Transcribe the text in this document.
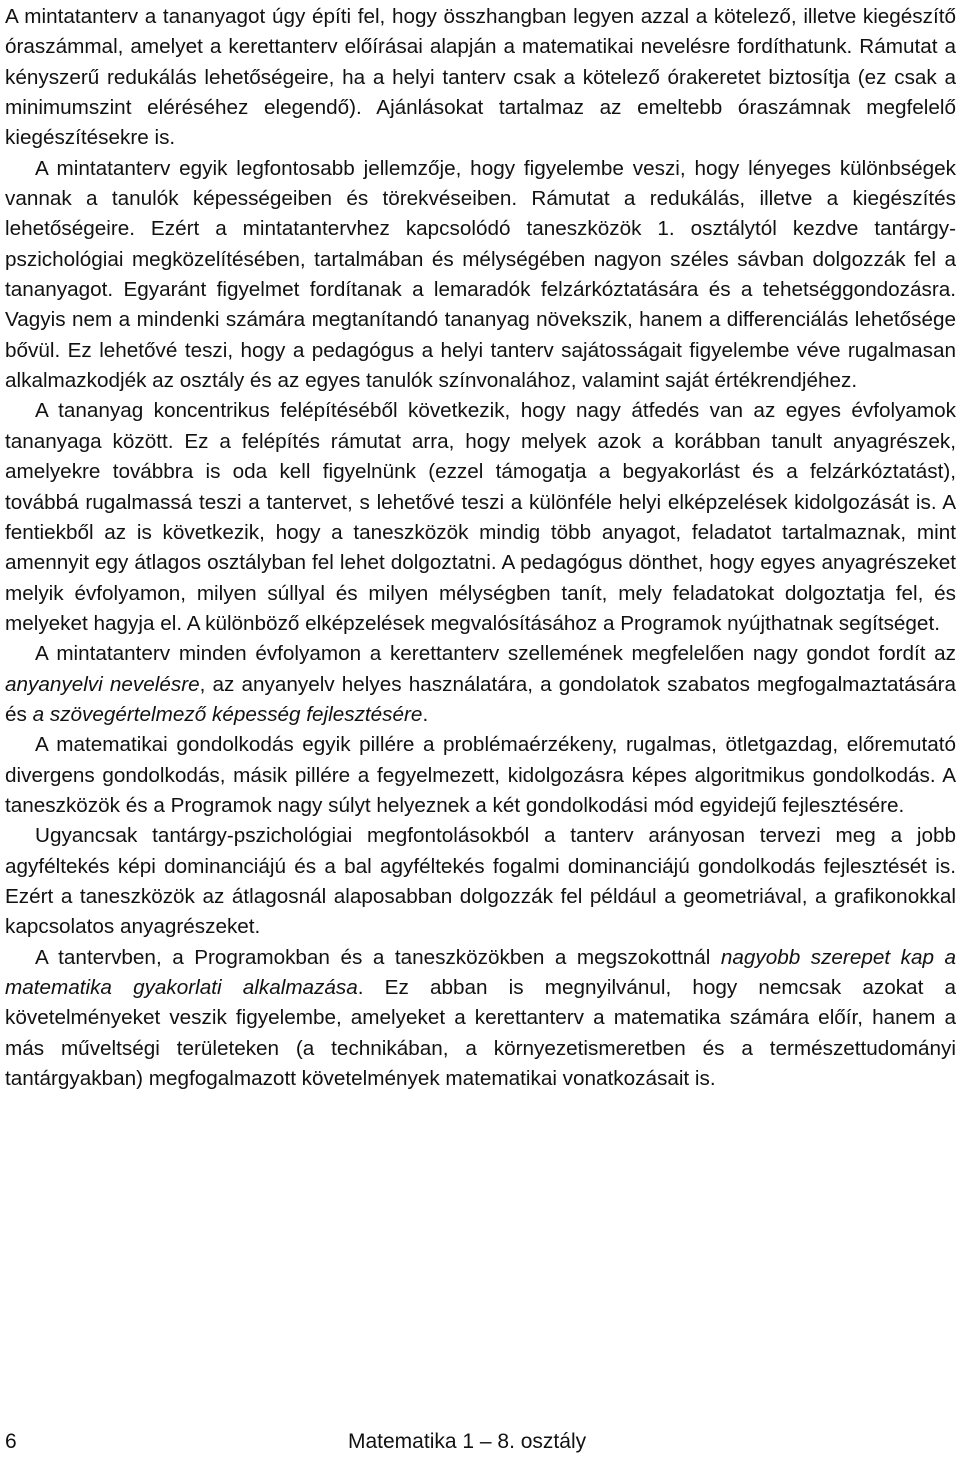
A mintatanterv a tananyagot úgy építi fel, hogy összhangban legyen azzal a kötelező, illetve kiegészítő óraszámmal, amelyet a kerettanterv előírásai alapján a matematikai nevelésre fordíthatunk. Rámutat a kényszerű redukálás lehetőségeire, ha a helyi tanterv csak a kötelező órakeretet biztosítja (ez csak a minimumszint eléréséhez elegendő). Ajánlásokat tartalmaz az emeltebb óraszámnak megfelelő kiegészítésekre is.

A mintatanterv egyik legfontosabb jellemzője, hogy figyelembe veszi, hogy lényeges különbségek vannak a tanulók képességeiben és törekvéseiben. Rámutat a redukálás, illetve a kiegészítés lehetőségeire. Ezért a mintatantervhez kapcsolódó taneszközök 1. osztálytól kezdve tantárgy-pszichológiai megközelítésében, tartalmában és mélységében nagyon széles sávban dolgozzák fel a tananyagot. Egyaránt figyelmet fordítanak a lemaradók felzárkóztatására és a tehetséggondozásra. Vagyis nem a mindenki számára megtanítandó tananyag növekszik, hanem a differenciálás lehetősége bővül. Ez lehetővé teszi, hogy a pedagógus a helyi tanterv sajátosságait figyelembe véve rugalmasan alkalmazkodjék az osztály és az egyes tanulók színvonalához, valamint saját értékrendjéhez.

A tananyag koncentrikus felépítéséből következik, hogy nagy átfedés van az egyes évfolyamok tananyaga között. Ez a felépítés rámutat arra, hogy melyek azok a korábban tanult anyagrészek, amelyekre továbbra is oda kell figyelnünk (ezzel támogatja a begyakorlást és a felzárkóztatást), továbbá rugalmassá teszi a tantervet, s lehetővé teszi a különféle helyi elképzelések kidolgozását is. A fentiekből az is következik, hogy a taneszközök mindig több anyagot, feladatot tartalmaznak, mint amennyit egy átlagos osztályban fel lehet dolgoztatni. A pedagógus dönthet, hogy egyes anyagrészeket melyik évfolyamon, milyen súllyal és milyen mélységben tanít, mely feladatokat dolgoztatja fel, és melyeket hagyja el. A különböző elképzelések megvalósításához a Programok nyújthatnak segítséget.

A mintatanterv minden évfolyamon a kerettanterv szellemének megfelelően nagy gondot fordít az anyanyelvi nevelésre, az anyanyelv helyes használatára, a gondolatok szabatos megfogalmaztatására és a szövegértelmező képesség fejlesztésére.

A matematikai gondolkodás egyik pillére a problémaérzékeny, rugalmas, ötletgazdag, előremutató divergens gondolkodás, másik pillére a fegyelmezett, kidolgozásra képes algoritmikus gondolkodás. A taneszközök és a Programok nagy súlyt helyeznek a két gondolkodási mód egyidejű fejlesztésére.

Ugyancsak tantárgy-pszichológiai megfontolásokból a tanterv arányosan tervezi meg a jobb agyféltekés képi dominanciájú és a bal agyféltekés fogalmi dominanciájú gondolkodás fejlesztését is. Ezért a taneszközök az átlagosnál alaposabban dolgozzák fel például a geometriával, a grafikonokkal kapcsolatos anyagrészeket.

A tantervben, a Programokban és a taneszközökben a megszokottnál nagyobb szerepet kap a matematika gyakorlati alkalmazása. Ez abban is megnyilvánul, hogy nemcsak azokat a követelményeket veszik figyelembe, amelyeket a kerettanterv a matematika számára előír, hanem a más műveltségi területeken (a technikában, a környezetismeretben és a természettudományi tantárgyakban) megfogalmazott követelmények matematikai vonatkozásait is.

6	Matematika 1 – 8. osztály
